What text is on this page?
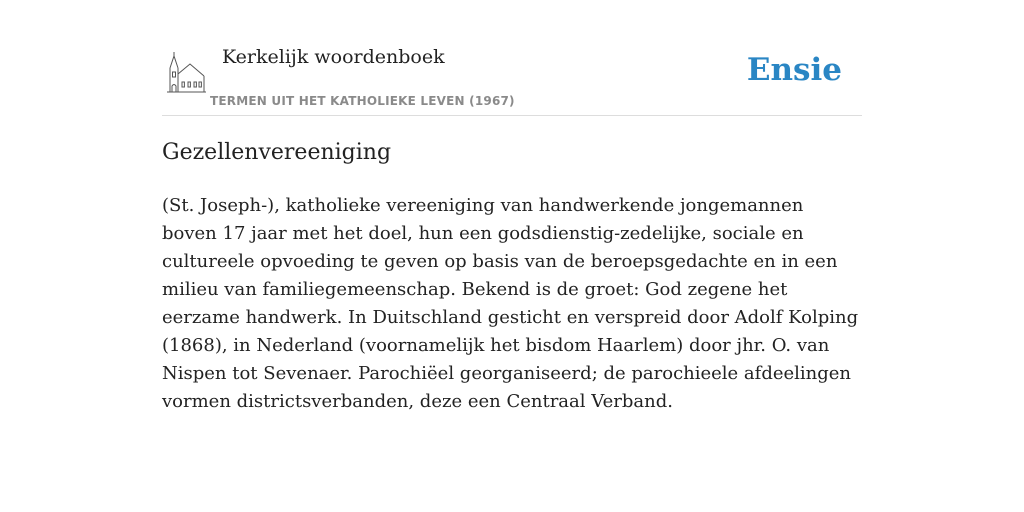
Kerkelijk woordenboek
TERMEN UIT HET KATHOLIEKE LEVEN (1967)
Ensie
Gezellenvereeniging

(St. Joseph-), katholieke vereeniging van handwerkende jongemannen boven 17 jaar met het doel, hun een godsdienstig-zedelijke, sociale en cultureele opvoeding te geven op basis van de beroepsgedachte en in een milieu van familiegemeenschap. Bekend is de groet: God zegene het eerzame handwerk. In Duitschland gesticht en verspreid door Adolf Kolping (1868), in Nederland (voornamelijk het bisdom Haarlem) door jhr. O. van Nispen tot Sevenaer. Parochiëel georganiseerd; de parochieele afdeelingen vormen districtsverbanden, deze een Centraal Verband.
